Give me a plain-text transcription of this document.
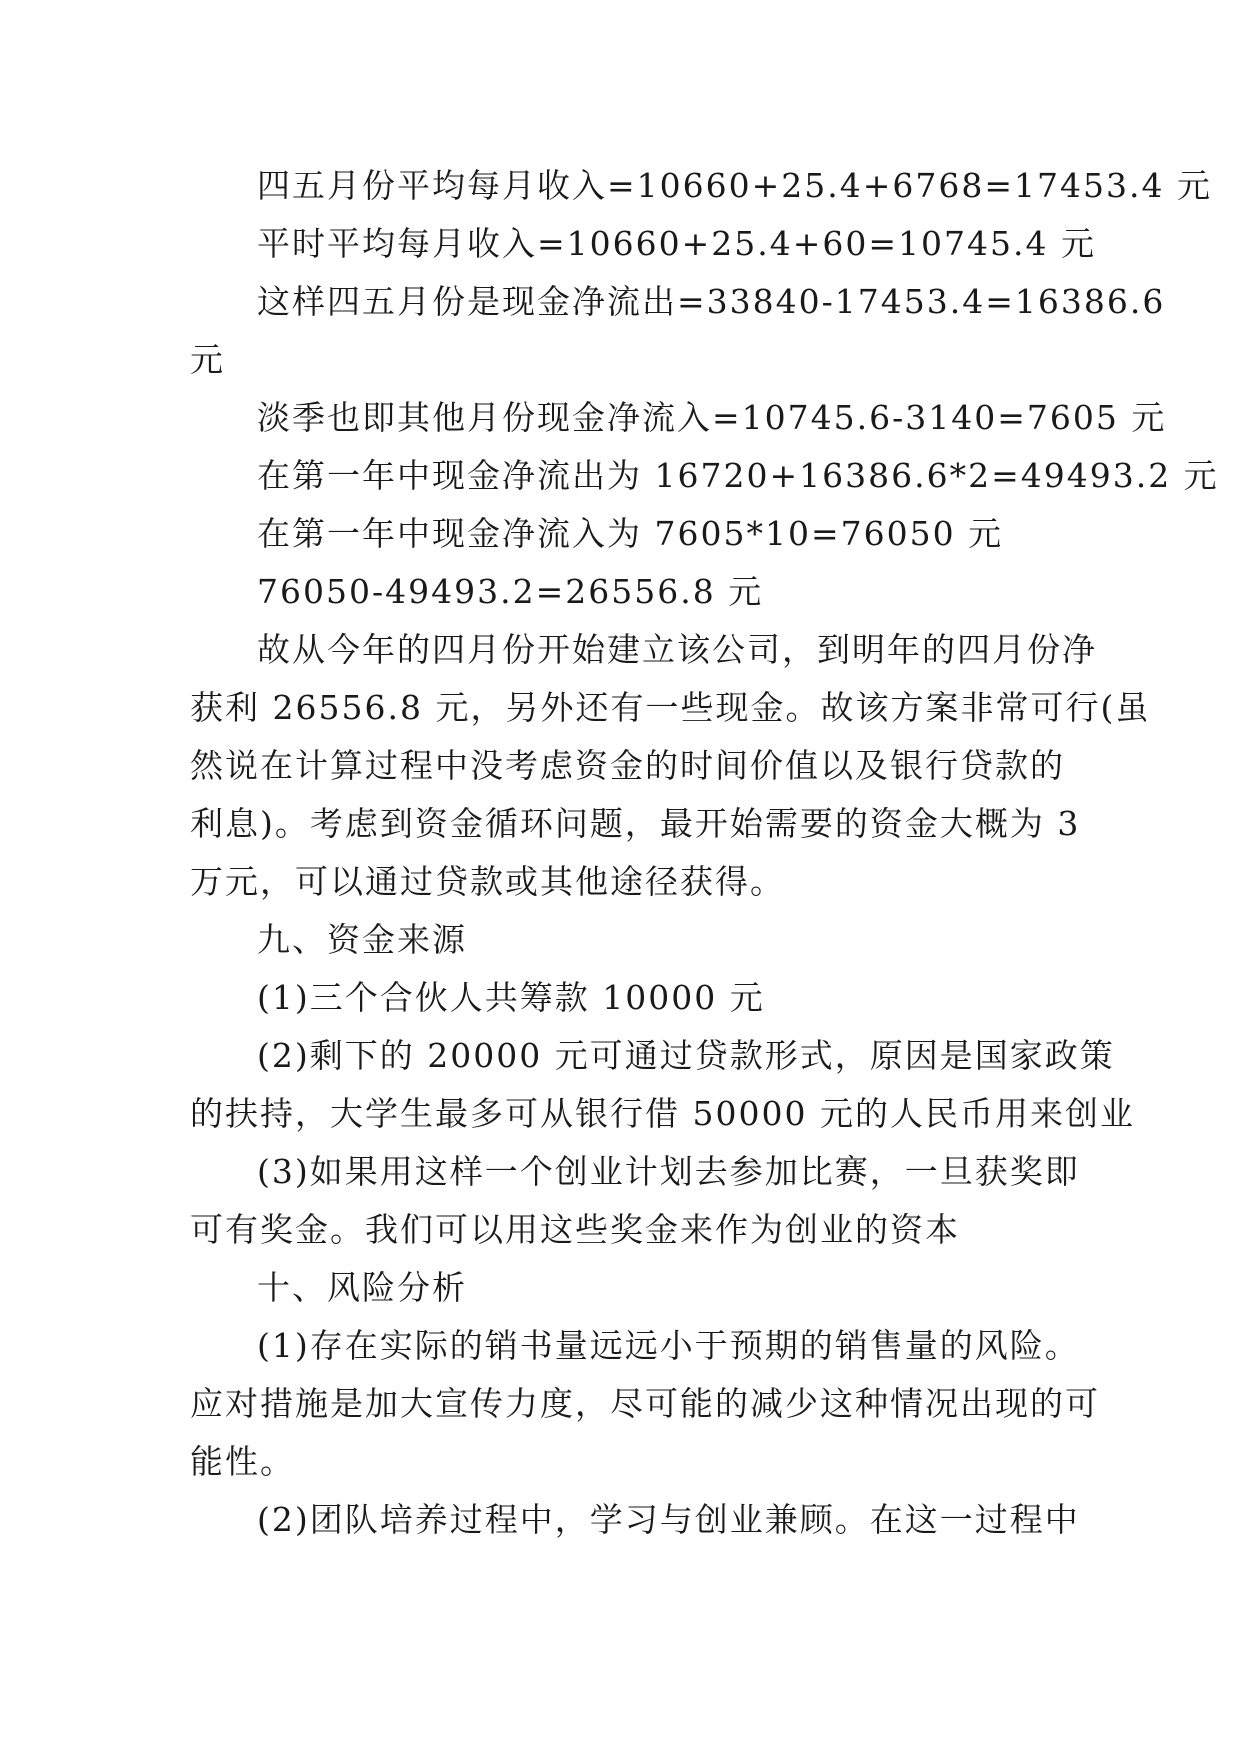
四五月份平均每月收入=10660+25.4+6768=17453.4 元
平时平均每月收入=10660+25.4+60=10745.4 元
这样四五月份是现金净流出=33840-17453.4=16386.6
元
淡季也即其他月份现金净流入=10745.6-3140=7605 元
在第一年中现金净流出为 16720+16386.6*2=49493.2 元
在第一年中现金净流入为 7605*10=76050 元
76050-49493.2=26556.8 元
故从今年的四月份开始建立该公司，到明年的四月份净
获利 26556.8 元，另外还有一些现金。故该方案非常可行(虽
然说在计算过程中没考虑资金的时间价值以及银行贷款的
利息)。考虑到资金循环问题，最开始需要的资金大概为 3
万元，可以通过贷款或其他途径获得。
九、资金来源
(1)三个合伙人共筹款 10000 元
(2)剩下的 20000 元可通过贷款形式，原因是国家政策
的扶持，大学生最多可从银行借 50000 元的人民币用来创业
(3)如果用这样一个创业计划去参加比赛，一旦获奖即
可有奖金。我们可以用这些奖金来作为创业的资本
十、风险分析
(1)存在实际的销书量远远小于预期的销售量的风险。
应对措施是加大宣传力度，尽可能的减少这种情况出现的可
能性。
(2)团队培养过程中，学习与创业兼顾。在这一过程中
